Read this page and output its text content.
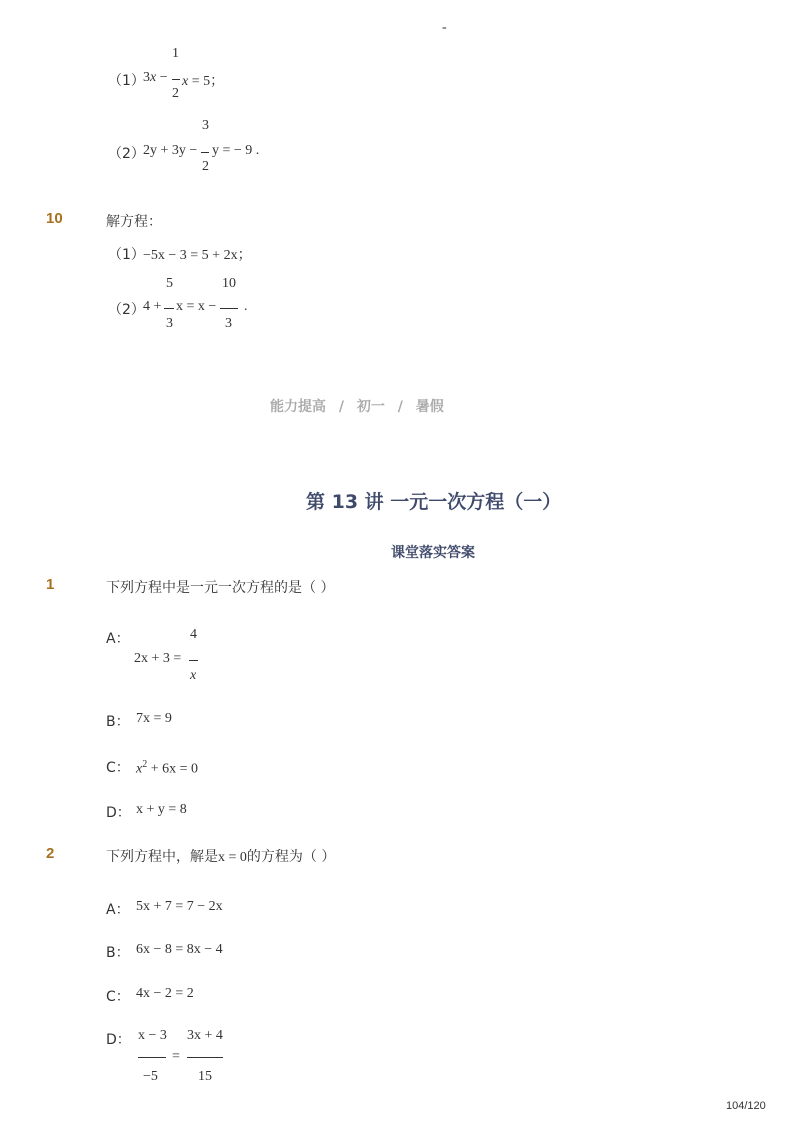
-
（1）
3x −
1
2
x = 5；
（2）
2y + 3y −
3
2
y = − 9 .
10	解方程：
（1）
−5x − 3 = 5 + 2x；
（2）
4 +
5
3
x = x −
10
3
.
能力提高 / 初一 / 暑假
第 13 讲 一元一次方程（一）
课堂落实答案
1	下列方程中是一元一次方程的是（ ）
A：
2x + 3 =
4
x
B： 7x = 9
C： $x^2 + 6x = 0$
D： x + y = 8
2	下列方程中，解是x = 0的方程为（ ）
A： 5x + 7 = 7 − 2x
B： 6x − 8 = 8x − 4
C： 4x − 2 = 2
D： x − 3
−5
=
3x + 4
15
104/120
